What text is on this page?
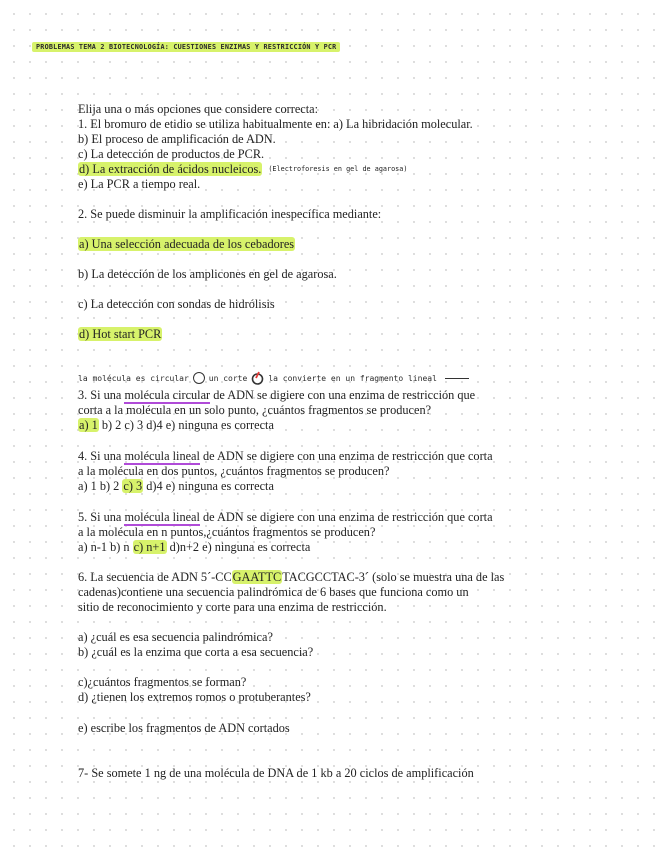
PROBLEMAS TEMA 2 BIOTECNOLOGÍA: CUESTIONES ENZIMAS Y RESTRICCIÓN Y PCR
Elija una o más opciones que considere correcta:
1. El bromuro de etidio se utiliza habitualmente en: a) La hibridación molecular.
b) El proceso de amplificación de ADN.
c) La detección de productos de PCR.
d) La extracción de ácidos nucleicos. (Electroforesis en gel de agarosa)
e) La PCR a tiempo real.
2. Se puede disminuir la amplificación inespecífica mediante:
a) Una selección adecuada de los cebadores
b) La detección de los amplicones en gel de agarosa.
c) La detección con sondas de hidrólisis
d) Hot start PCR
la molécula es circular	un corte	la convierte en un fragmento lineal
3. Si una molécula circular de ADN se digiere con una enzima de restricción que
corta a la molécula en un solo punto, ¿cuántos fragmentos se producen?
a) 1 b) 2 c) 3 d)4 e) ninguna es correcta
4. Si una molécula lineal de ADN se digiere con una enzima de restricción que corta
a la molécula en dos puntos, ¿cuántos fragmentos se producen?
a) 1 b) 2 c) 3 d)4 e) ninguna es correcta
5. Si una molécula lineal de ADN se digiere con una enzima de restricción que corta
a la molécula en n puntos,¿cuántos fragmentos se producen?
a) n-1 b) n c) n+1 d)n+2 e) ninguna es correcta
6. La secuencia de ADN 5´-CCGAATTCTACGCCTAC-3´ (solo se muestra una de las
cadenas)contiene una secuencia palindrómica de 6 bases que funciona como un
sitio de reconocimiento y corte para una enzima de restricción.
a) ¿cuál es esa secuencia palindrómica?
b) ¿cuál es la enzima que corta a esa secuencia?
c)¿cuántos fragmentos se forman?
d) ¿tienen los extremos romos o protuberantes?
e) escribe los fragmentos de ADN cortados
7- Se somete 1 ng de una molécula de DNA de 1 kb a 20 ciclos de amplificación
